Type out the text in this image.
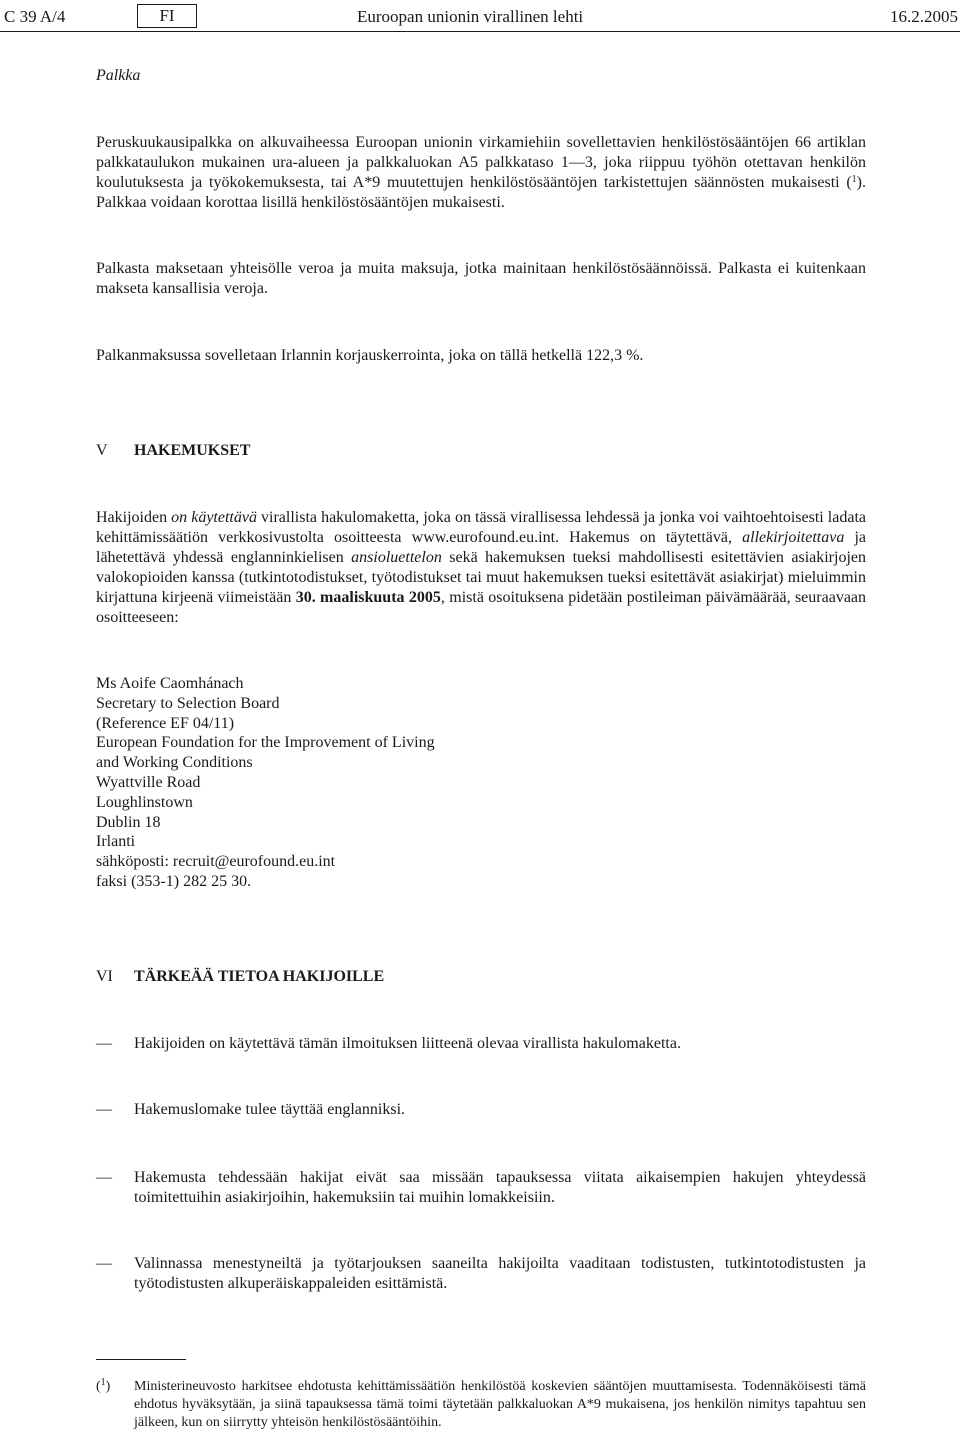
C 39 A/4	FI	Euroopan unionin virallinen lehti	16.2.2005
Palkka
Peruskuukausipalkka on alkuvaiheessa Euroopan unionin virkamiehiin sovellettavien henkilöstösääntöjen 66 artiklan palkkataulukon mukainen ura-alueen ja palkkaluokan A5 palkkataso 1—3, joka riippuu työhön otettavan henkilön koulutuksesta ja työkokemuksesta, tai A*9 muutettujen henkilöstösääntöjen tarkistettujen säännösten mukaisesti ($^1$). Palkkaa voidaan korottaa lisillä henkilöstösääntöjen mukaisesti.
Palkasta maksetaan yhteisölle veroa ja muita maksuja, jotka mainitaan henkilöstösäännöissä. Palkasta ei kuitenkaan makseta kansallisia veroja.
Palkanmaksussa sovelletaan Irlannin korjauskerrointa, joka on tällä hetkellä 122,3 %.
V HAKEMUKSET
Hakijoiden on käytettävä virallista hakulomaketta, joka on tässä virallisessa lehdessä ja jonka voi vaihtoehtoisesti ladata kehittämissäätiön verkkosivustolta osoitteesta www.eurofound.eu.int. Hakemus on täytettävä, allekirjoitettava ja lähetettävä yhdessä englanninkielisen ansioluettelon sekä hakemuksen tueksi mahdollisesti esitettävien asiakirjojen valokopioiden kanssa (tutkintotodistukset, työtodistukset tai muut hakemuksen tueksi esitettävät asiakirjat) mieluimmin kirjattuna kirjeenä viimeistään 30. maaliskuuta 2005, mistä osoituksena pidetään postileiman päivämäärää, seuraavaan osoitteeseen:
Ms Aoife Caomhánach
Secretary to Selection Board
(Reference EF 04/11)
European Foundation for the Improvement of Living
and Working Conditions
Wyattville Road
Loughlinstown
Dublin 18
Irlanti
sähköposti: recruit@eurofound.eu.int
faksi (353-1) 282 25 30.
VI TÄRKEÄÄ TIETOA HAKIJOILLE
— Hakijoiden on käytettävä tämän ilmoituksen liitteenä olevaa virallista hakulomaketta.
— Hakemuslomake tulee täyttää englanniksi.
— Hakemusta tehdessään hakijat eivät saa missään tapauksessa viitata aikaisempien hakujen yhteydessä toimitettuihin asiakirjoihin, hakemuksiin tai muihin lomakkeisiin.
— Valinnassa menestyneiltä ja työtarjouksen saaneilta hakijoilta vaaditaan todistusten, tutkintotodistusten ja työtodistusten alkuperäiskappaleiden esittämistä.
($^1$) Ministerineuvosto harkitsee ehdotusta kehittämissäätiön henkilöstöä koskevien sääntöjen muuttamisesta. Todennäköisesti tämä ehdotus hyväksytään, ja siinä tapauksessa tämä toimi täytetään palkkaluokan A*9 mukaisena, jos henkilön nimitys tapahtuu sen jälkeen, kun on siirrytty yhteisön henkilöstösääntöihin.
